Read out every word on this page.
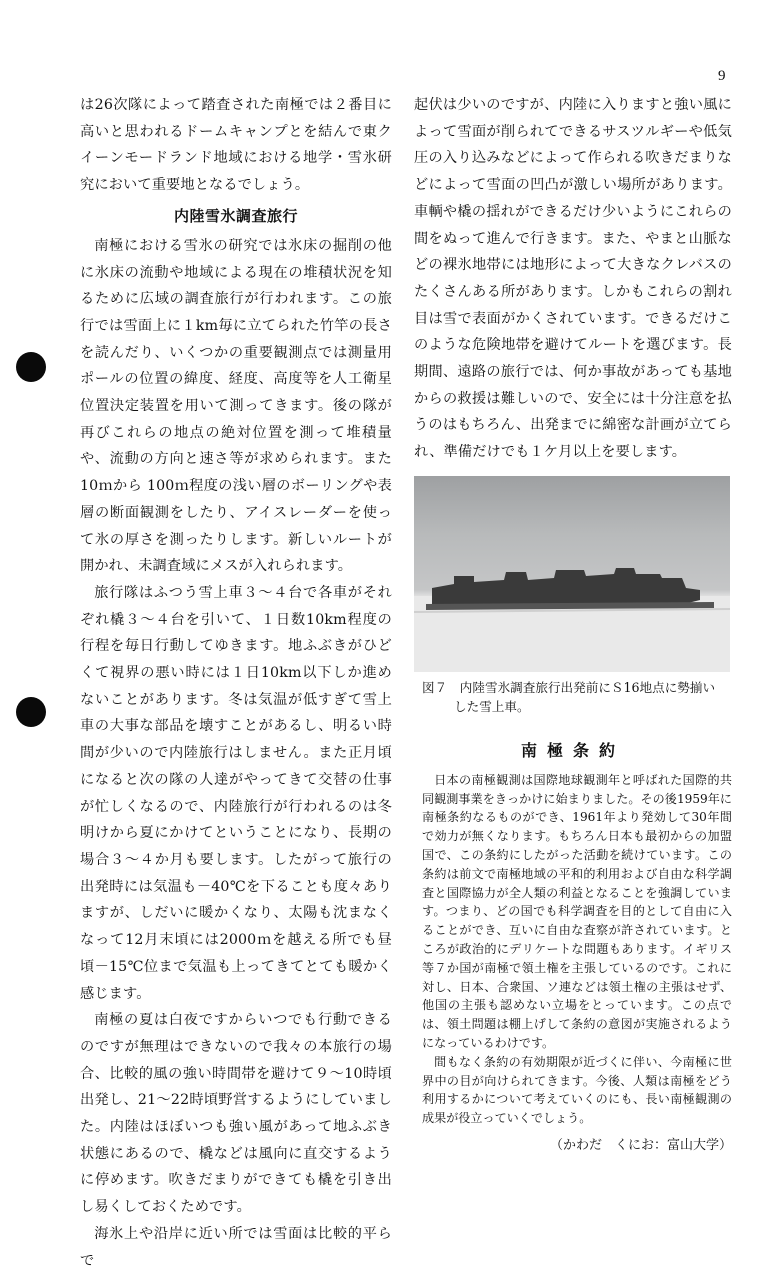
9

は26次隊によって踏査された南極では２番目に高いと思われるドームキャンプとを結んで東クイーンモードランド地域における地学・雪氷研究において重要地となるでしょう。

内陸雪氷調査旅行

南極における雪氷の研究では氷床の掘削の他に氷床の流動や地域による現在の堆積状況を知るために広域の調査旅行が行われます。この旅行では雪面上に１km毎に立てられた竹竿の長さを読んだり、いくつかの重要観測点では測量用ポールの位置の緯度、経度、高度等を人工衛星位置決定装置を用いて測ってきます。後の隊が再びこれらの地点の絶対位置を測って堆積量や、流動の方向と速さ等が求められます。また10ｍから 100ｍ程度の浅い層のボーリングや表層の断面観測をしたり、アイスレーダーを使って氷の厚さを測ったりします。新しいルートが開かれ、未調査域にメスが入れられます。

旅行隊はふつう雪上車３～４台で各車がそれぞれ橇３～４台を引いて、１日数10km程度の行程を毎日行動してゆきます。地ふぶきがひどくて視界の悪い時には１日10km以下しか進めないことがあります。冬は気温が低すぎて雪上車の大事な部品を壊すことがあるし、明るい時間が少いので内陸旅行はしません。また正月頃になると次の隊の人達がやってきて交替の仕事が忙しくなるので、内陸旅行が行われるのは冬明けから夏にかけてということになり、長期の場合３～４か月も要します。したがって旅行の出発時には気温も－40℃を下ることも度々ありますが、しだいに暖かくなり、太陽も沈まなくなって12月末頃には2000ｍを越える所でも昼頃－15℃位まで気温も上ってきてとても暖かく感じます。

南極の夏は白夜ですからいつでも行動できるのですが無理はできないので我々の本旅行の場合、比較的風の強い時間帯を避けて９～10時頃出発し、21～22時頃野営するようにしていました。内陸はほぼいつも強い風があって地ふぶき状態にあるので、橇などは風向に直交するように停めます。吹きだまりができても橇を引き出し易くしておくためです。

海氷上や沿岸に近い所では雪面は比較的平らで

起伏は少いのですが、内陸に入りますと強い風によって雪面が削られてできるサスツルギーや低気圧の入り込みなどによって作られる吹きだまりなどによって雪面の凹凸が激しい場所があります。車輌や橇の揺れができるだけ少いようにこれらの間をぬって進んで行きます。また、やまと山脈などの裸氷地帯には地形によって大きなクレバスのたくさんある所があります。しかもこれらの割れ目は雪で表面がかくされています。できるだけこのような危険地帯を避けてルートを選びます。長期間、遠路の旅行では、何か事故があっても基地からの救援は難しいので、安全には十分注意を払うのはもちろん、出発までに綿密な計画が立てられ、準備だけでも１ケ月以上を要します。

図７　内陸雪氷調査旅行出発前にＳ16地点に勢揃い
した雪上車。
南極条約

日本の南極観測は国際地球観測年と呼ばれた国際的共同観測事業をきっかけに始まりました。その後1959年に南極条約なるものができ、1961年より発効して30年間で効力が無くなります。もちろん日本も最初からの加盟国で、この条約にしたがった活動を続けています。この条約は前文で南極地域の平和的利用および自由な科学調査と国際協力が全人類の利益となることを強調しています。つまり、どの国でも科学調査を目的として自由に入ることができ、互いに自由な査察が許されています。ところが政治的にデリケートな問題もあります。イギリス等７か国が南極で領土権を主張しているのです。これに対し、日本、合衆国、ソ連などは領土権の主張はせず、他国の主張も認めない立場をとっています。この点では、領土問題は棚上げして条約の意図が実施されるようになっているわけです。

間もなく条約の有効期限が近づくに伴い、今南極に世界中の目が向けられてきます。今後、人類は南極をどう利用するかについて考えていくのにも、長い南極観測の成果が役立っていくでしょう。

（かわだ　くにお：富山大学）
